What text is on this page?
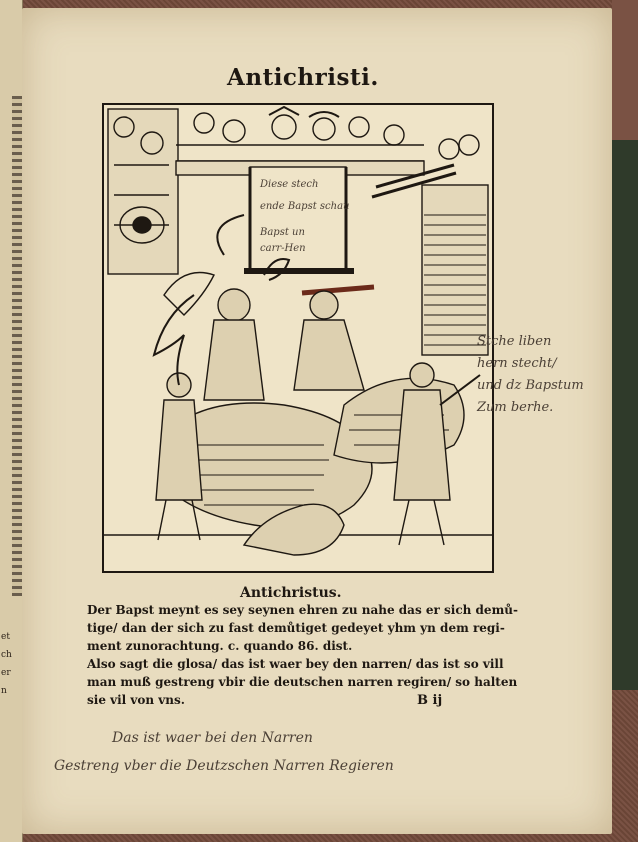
et
ch
er
n
Antichristi.
Diese stech
ende Bapst schau
Bapst un
carr-Hen
Stche liben
hern stecht/
und dz Bapstum
Zum berhe.
Antichristus.
Der Bapst meynt es sey seynen ehren zu nahe das er sich demů-
tige/ dan der sich zu fast demůtiget gedeyet yhm yn dem regi-
ment zunorachtung. c. quando 86. dist.
Also sagt die glosa/ das ist waer bey den narren/ das ist so vill
man muß gestreng vbir die deutschen narren regiren/ so halten
sie vil von vns.	B ij
Das ist waer bei den Narren
Gestreng vber die Deutzschen Narren Regieren
